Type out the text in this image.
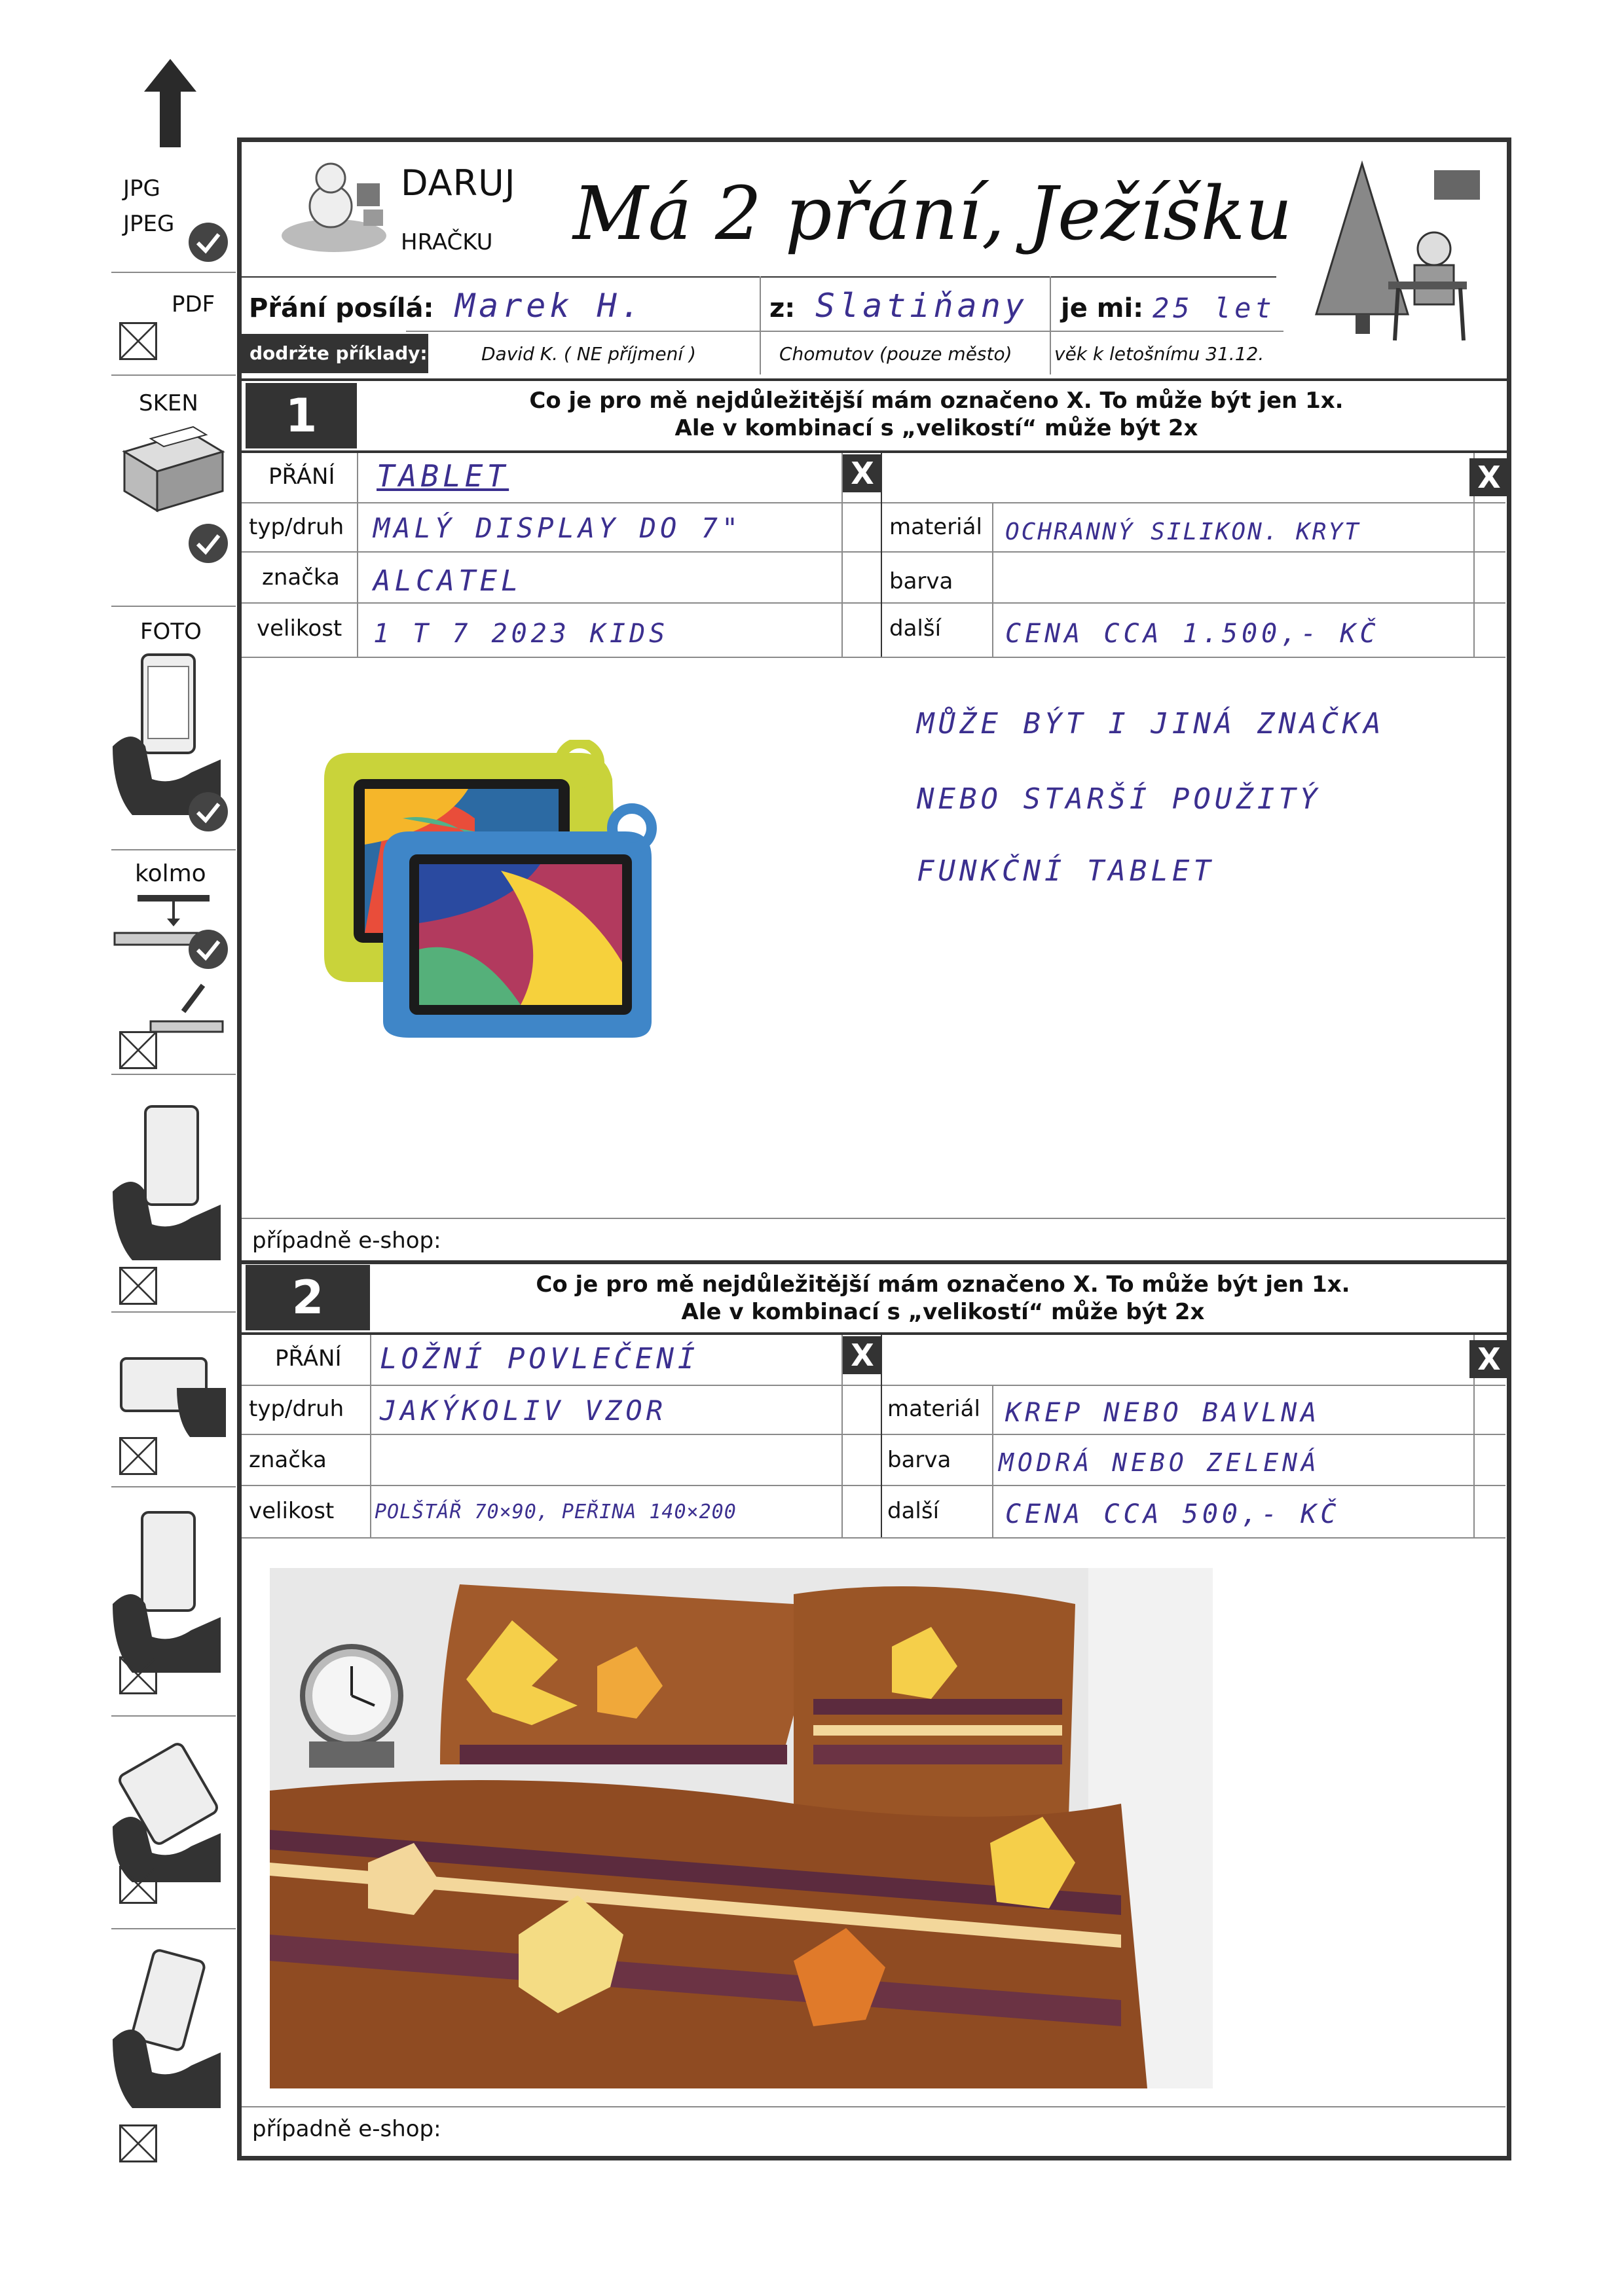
JPG
JPEG
PDF
SKEN
FOTO
kolmo
DARUJ
HRAČKU Má 2 přání, Ježíšku
Přání posílá: Marek H.	z: Slatiňany je mi: 25 let
dodržte příklady:	David K. ( NE příjmení )	Chomutov (pouze město) věk k letošnímu 31.12.
1	Co je pro mě nejdůležitější mám označeno X. To může být jen 1x.
Ale v kombinací s „velikostí“ může být 2x
X	X
PŘÁNÍ TABLET
typ/druh MALÝ DISPLAY DO 7"
značka ALCATEL
velikost 1 T 7 2023 KIDS
materiál OCHRANNÝ SILIKON. KRYT
barva
další CENA CCA 1.500,- KČ
MŮŽE BÝT I JINÁ ZNAČKA
NEBO STARŠÍ POUŽITÝ
FUNKČNÍ TABLET
případně e-shop:
2	Co je pro mě nejdůležitější mám označeno X. To může být jen 1x.
Ale v kombinací s „velikostí“ může být 2x
X	X
PŘÁNÍ LOŽNÍ POVLEČENÍ
typ/druh JAKÝKOLIV VZOR
značka
velikost POLŠTÁŘ 70×90, PEŘINA 140×200
materiál KREP NEBO BAVLNA
barva MODRÁ NEBO ZELENÁ
další	CENA CCA 500,- KČ
případně e-shop:
